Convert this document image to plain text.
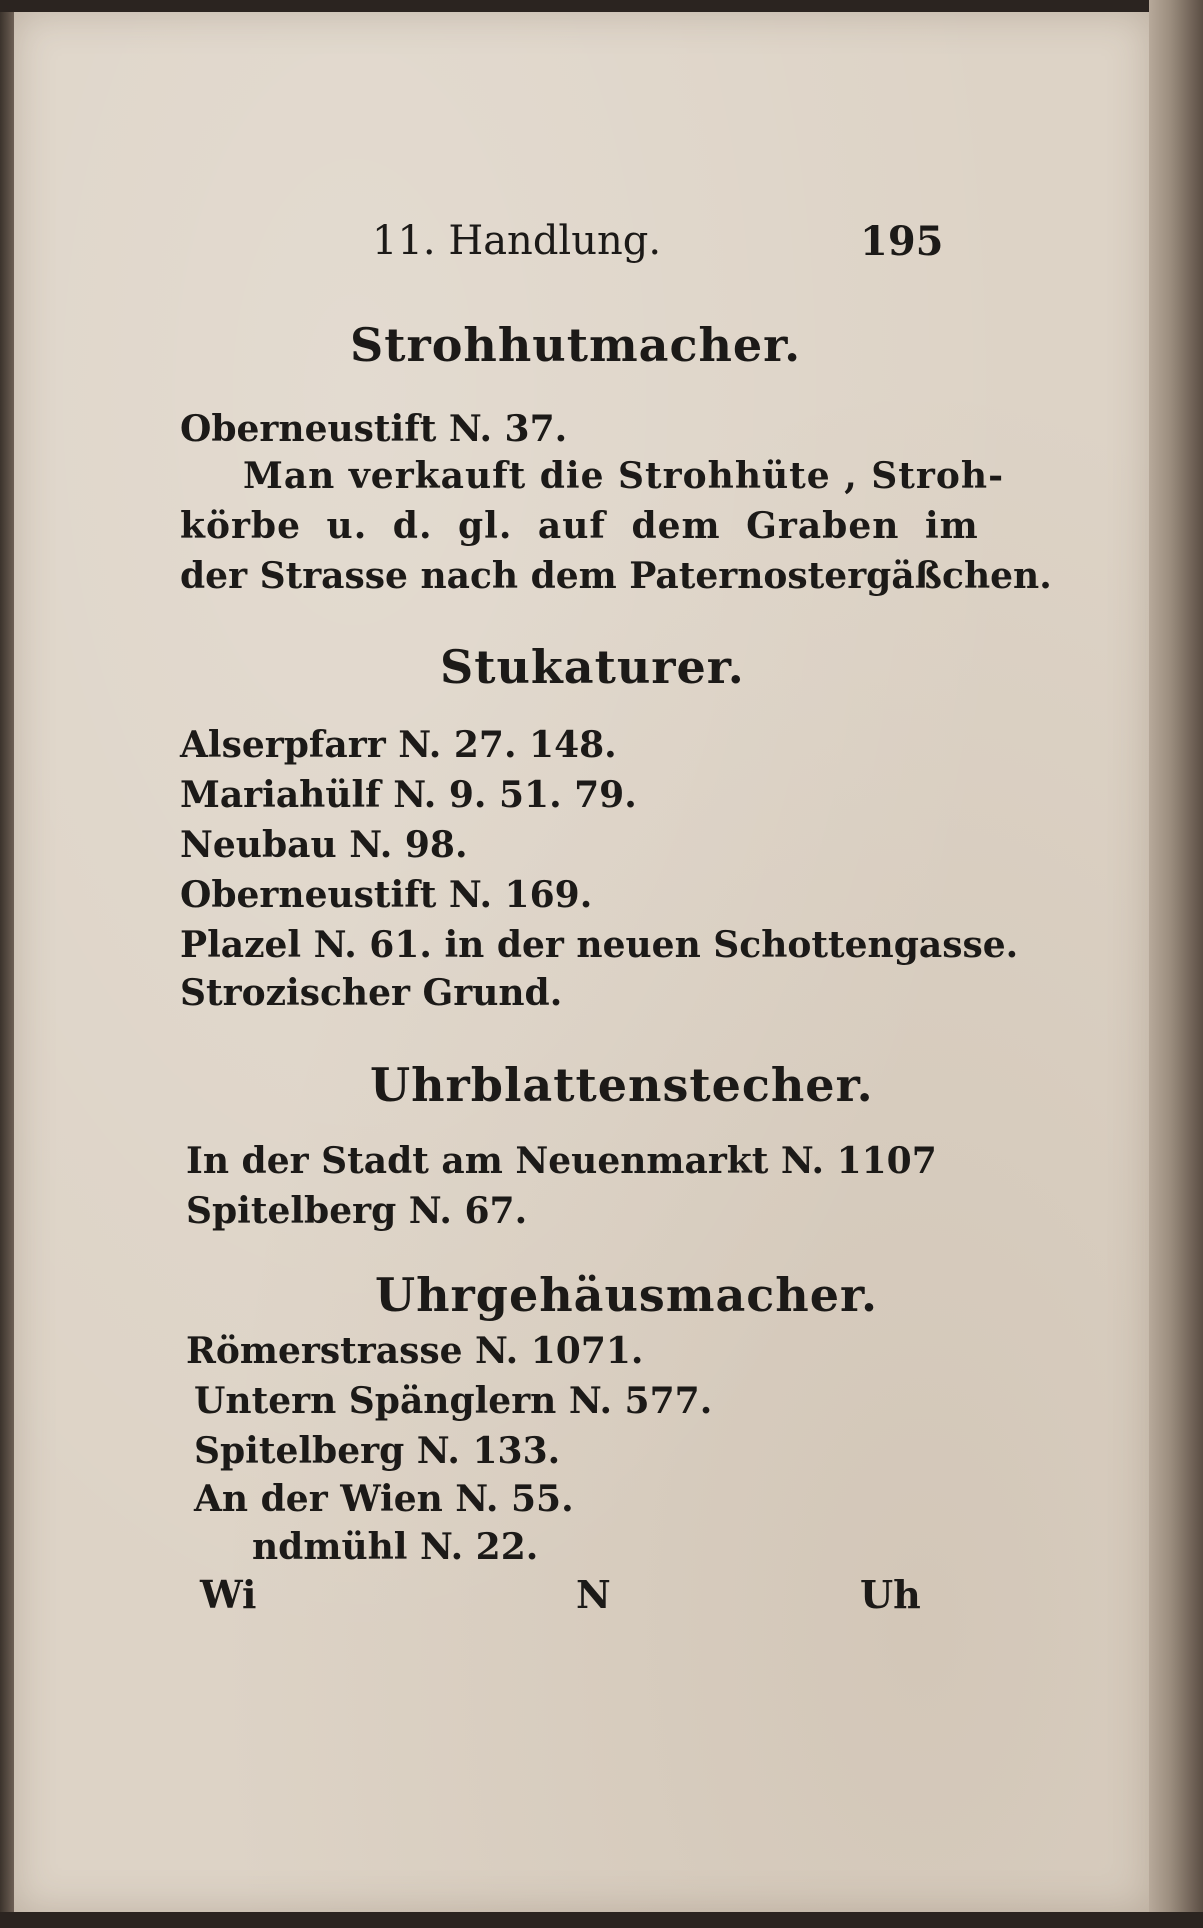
11. Handlung.	195
Strohhutmacher.
Oberneustift N. 37.
Man verkauft die Strohhüte , Stroh-
körbe u. d. gl. auf dem Graben im
der Strasse nach dem Paternostergäßchen.
Stukaturer.
Alserpfarr N. 27. 148.
Mariahülf N. 9. 51. 79.
Neubau N. 98.
Oberneustift N. 169.
Plazel N. 61. in der neuen Schottengasse.
Strozischer Grund.
Uhrblattenstecher.
In der Stadt am Neuenmarkt N. 1107
Spitelberg N. 67.
Uhrgehäusmacher.
Römerstrasse N. 1071.
Untern Spänglern N. 577.
Spitelberg N. 133.
An der Wien N. 55.
ndmühl N. 22.
Wi	N	Uh
